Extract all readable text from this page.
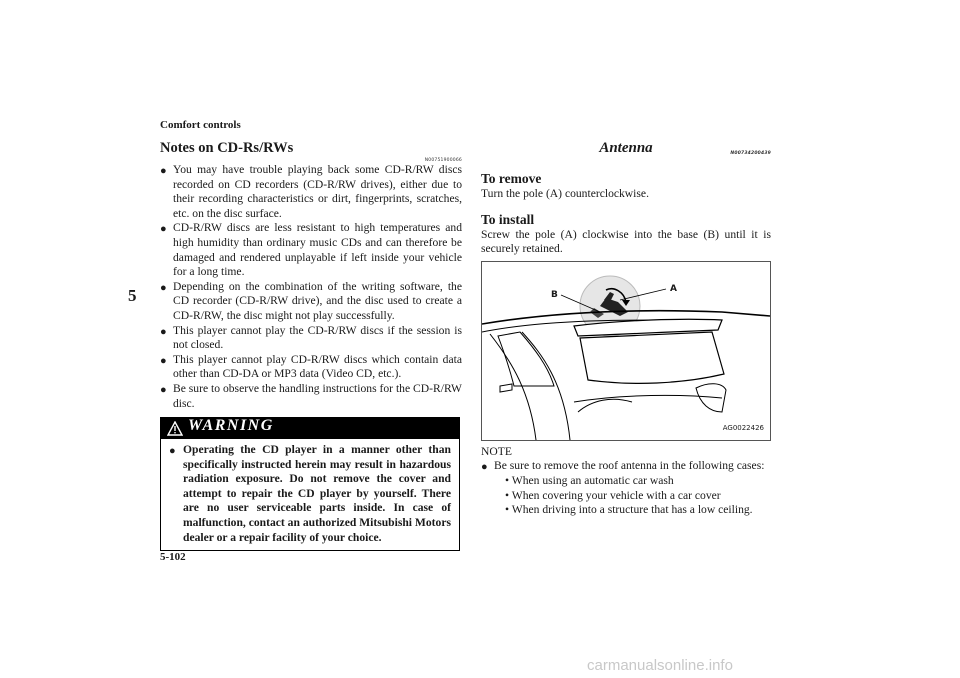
Comfort controls
5
5-102
Notes on CD-Rs/RWs
N00751900066
● You may have trouble playing back some CD-R/RW discs recorded on CD recorders (CD-R/RW drives), either due to their recording characteristics or dirt, fingerprints, scratches, etc. on the disc surface.
● CD-R/RW discs are less resistant to high temperatures and high humidity than ordinary music CDs and can therefore be damaged and rendered unplayable if left inside your vehicle for a long time.
● Depending on the combination of the writing software, the CD recorder (CD-R/RW drive), and the disc used to create a CD-R/RW, the disc might not play successfully.
● This player cannot play the CD-R/RW discs if the session is not closed.
● This player cannot play CD-R/RW discs which contain data other than CD-DA or MP3 data (Video CD, etc.).
● Be sure to observe the handling instructions for the CD-R/RW disc.
WARNING
● Operating the CD player in a manner other than specifically instructed herein may result in hazardous radiation exposure. Do not remove the cover and attempt to repair the CD player by yourself. There are no user serviceable parts inside. In case of malfunction, contact an authorized Mitsubishi Motors dealer or a repair facility of your choice.
Antenna	N00734200439
To remove
Turn the pole (A) counterclockwise.
To install
Screw the pole (A) clockwise into the base (B) until it is securely retained.
B
A
AG0022426
NOTE
● Be sure to remove the roof antenna in the following cases:
• When using an automatic car wash
• When covering your vehicle with a car cover
• When driving into a structure that has a low ceiling.
carmanualsonline.info
